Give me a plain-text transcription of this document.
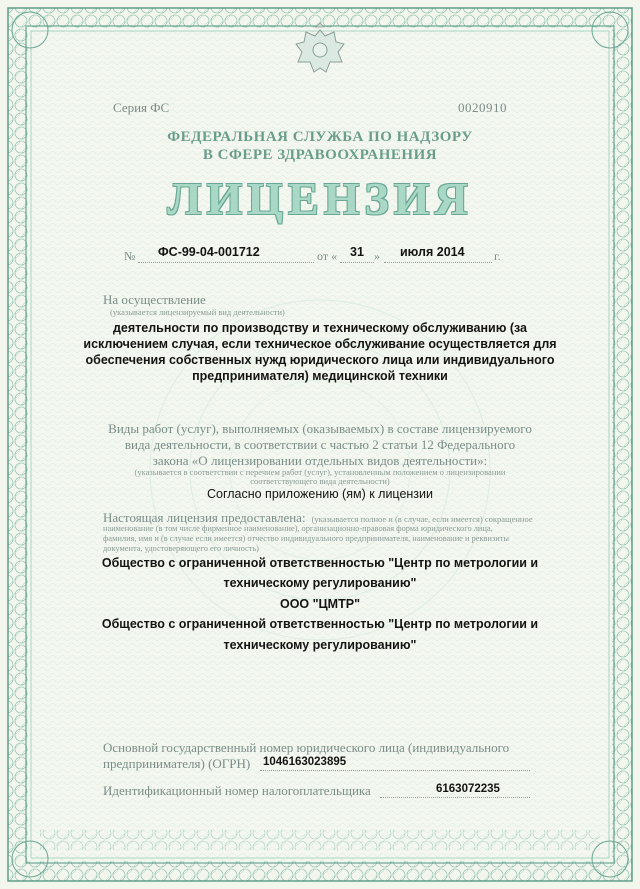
Серия ФС	0020910
ФЕДЕРАЛЬНАЯ СЛУЖБА ПО НАДЗОРУ
В СФЕРЕ ЗДРАВООХРАНЕНИЯ
ЛИЦЕНЗИЯ
№ ФС-99-04-001712	от « 31 » июля 2014 г.
На осуществление
(указывается лицензируемый вид деятельности)
деятельности по производству и техническому обслуживанию (за
исключением случая, если техническое обслуживание осуществляется для
обеспечения собственных нужд юридического лица или индивидуального
предпринимателя) медицинской техники
Виды работ (услуг), выполняемых (оказываемых) в составе лицензируемого
вида деятельности, в соответствии с частью 2 статьи 12 Федерального
закона «О лицензировании отдельных видов деятельности»:
(указывается в соответствии с перечнем работ (услуг), установленным положением о лицензировании
соответствующего вида деятельности)
Согласно приложению (ям) к лицензии
Настоящая лицензия предоставлена: (указывается полное и (в случае, если имеется) сокращенное
наименование (в том числе фирменное наименование), организационно-правовая форма юридического лица,
фамилия, имя и (в случае если имеется) отчество индивидуального предпринимателя, наименование и реквизиты
документа, удостоверяющего его личность)
Общество с ограниченной ответственностью "Центр по метрологии и
техническому регулированию"
ООО "ЦМТР"
Общество с ограниченной ответственностью "Центр по метрологии и
техническому регулированию"
Основной государственный номер юридического лица (индивидуального
предпринимателя) (ОГРН) 1046163023895
Идентификационный номер налогоплательщика	6163072235
